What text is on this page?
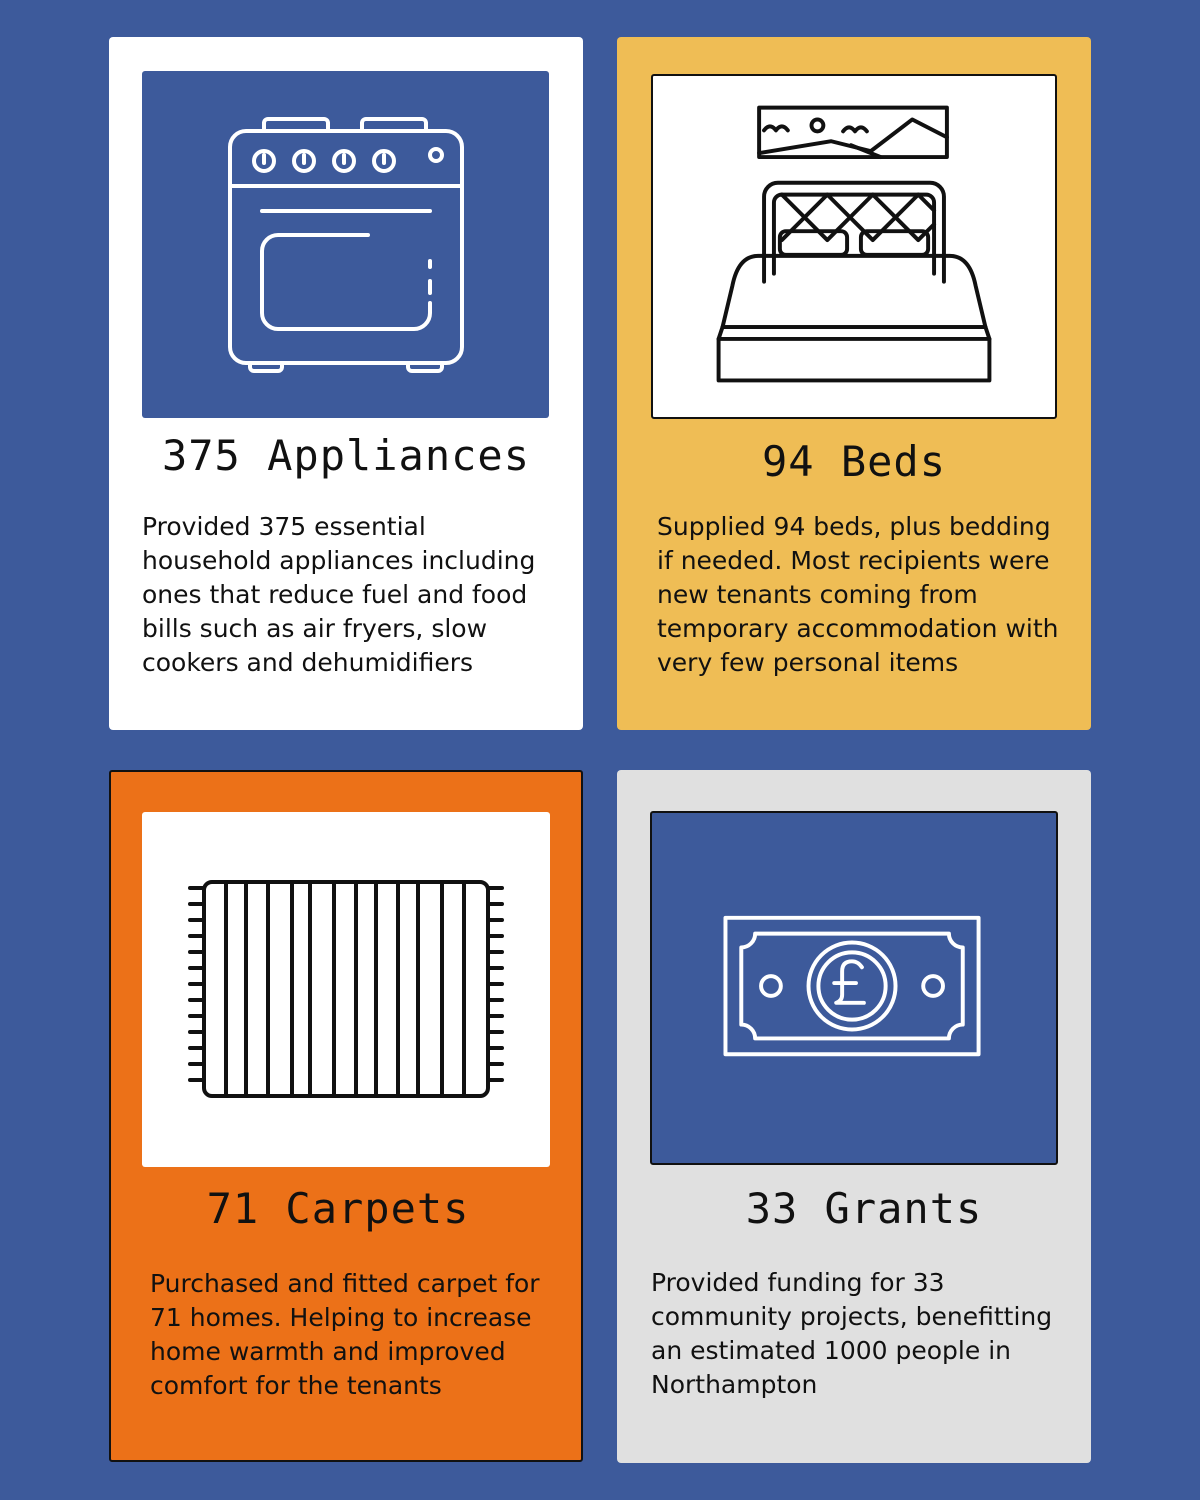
375 Appliances
Provided 375 essential household appliances including ones that reduce fuel and food bills such as air fryers, slow cookers and dehumidifiers
94 Beds
Supplied 94 beds, plus bedding if needed. Most recipients were new tenants coming from temporary accommodation with very few personal items
71 Carpets
Purchased and fitted carpet for 71 homes. Helping to increase home warmth and improved comfort for the tenants
33 Grants
Provided funding for 33 community projects, benefitting an estimated 1000 people in Northampton
